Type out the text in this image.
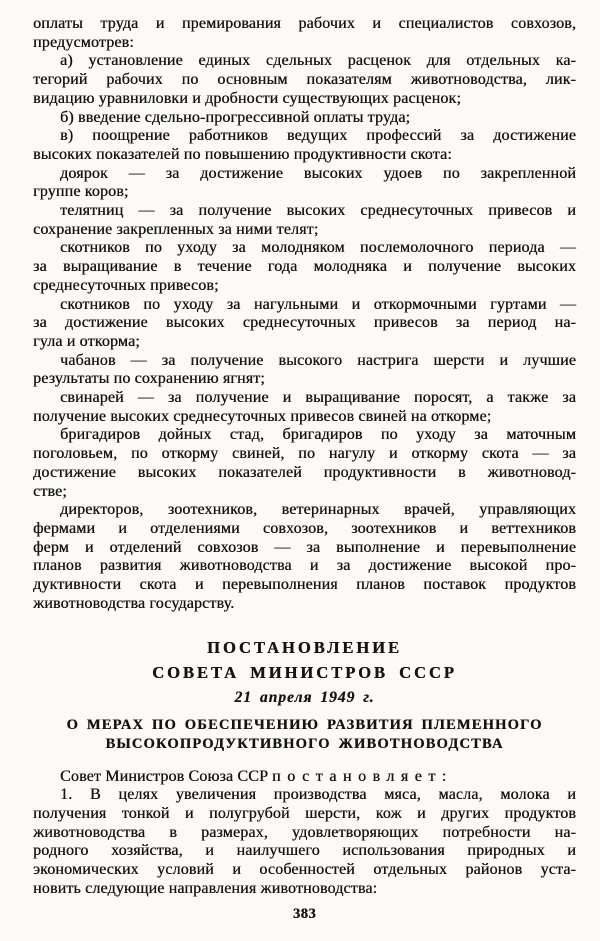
оплаты труда и премирования рабочих и специалистов совхозов,
предусмотрев:
а) установление единых сдельных расценок для отдельных ка-
тегорий рабочих по основным показателям животноводства, лик-
видацию уравниловки и дробности существующих расценок;
б) введение сдельно-прогрессивной оплаты труда;
в) поощрение работников ведущих профессий за достижение
высоких показателей по повышению продуктивности скота:
доярок — за достижение высоких удоев по закрепленной
группе коров;
телятниц — за получение высоких среднесуточных привесов и
сохранение закрепленных за ними телят;
скотников по уходу за молодняком послемолочного периода —
за выращивание в течение года молодняка и получение высоких
среднесуточных привесов;
скотников по уходу за нагульными и откормочными гуртами —
за достижение высоких среднесуточных привесов за период на-
гула и откорма;
чабанов — за получение высокого настрига шерсти и лучшие
результаты по сохранению ягнят;
свинарей — за получение и выращивание поросят, а также за
получение высоких среднесуточных привесов свиней на откорме;
бригадиров дойных стад, бригадиров по уходу за маточным
поголовьем, по откорму свиней, по нагулу и откорму скота — за
достижение высоких показателей продуктивности в животновод-
стве;
директоров, зоотехников, ветеринарных врачей, управляющих
фермами и отделениями совхозов, зоотехников и веттехников
ферм и отделений совхозов — за выполнение и перевыполнение
планов развития животноводства и за достижение высокой про-
дуктивности скота и перевыполнения планов поставок продуктов
животноводства государству.
ПОСТАНОВЛЕНИЕ
СОВЕТА МИНИСТРОВ СССР
21 апреля 1949 г.
О МЕРАХ ПО ОБЕСПЕЧЕНИЮ РАЗВИТИЯ ПЛЕМЕННОГО
ВЫСОКОПРОДУКТИВНОГО ЖИВОТНОВОДСТВА
Совет Министров Союза ССР постановляет:
1. В целях увеличения производства мяса, масла, молока и
получения тонкой и полугрубой шерсти, кож и других продуктов
животноводства в размерах, удовлетворяющих потребности на-
родного хозяйства, и наилучшего использования природных и
экономических условий и особенностей отдельных районов уста-
новить следующие направления животноводства:
383
